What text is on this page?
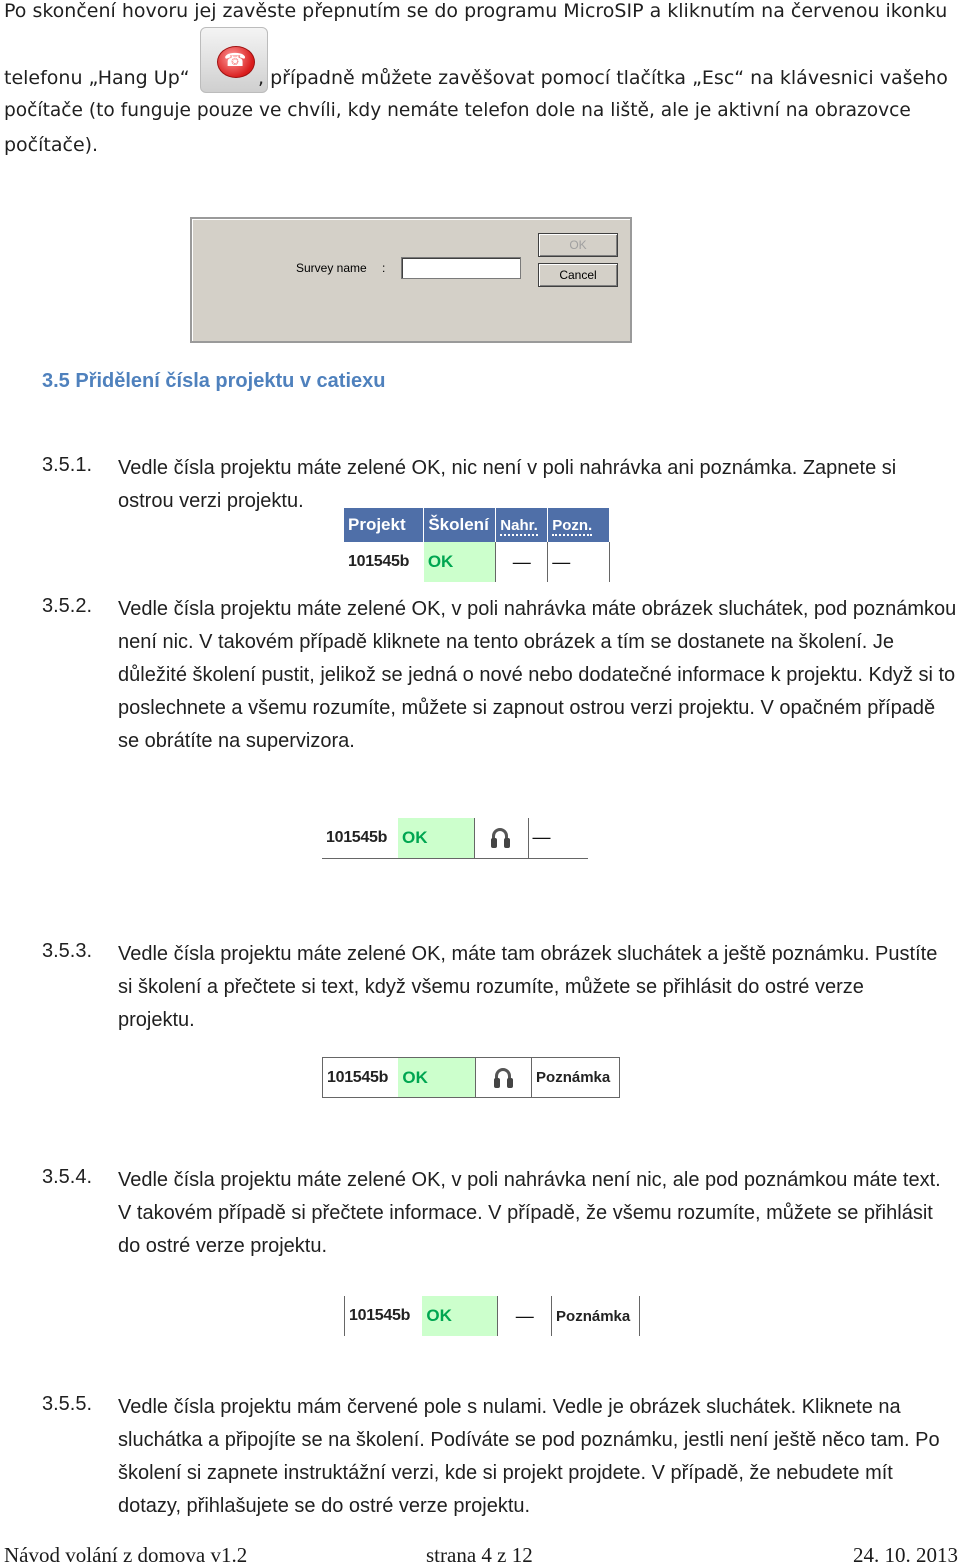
Po skončení hovoru jej zavěste přepnutím se do programu MicroSIP a kliknutím na červenou ikonku
telefonu „Hang Up“
☎
, případně můžete zavěšovat pomocí tlačítka „Esc“ na klávesnici vašeho
počítače (to funguje pouze ve chvíli, kdy nemáte telefon dole na liště, ale je aktivní na obrazovce
počítače).
Survey name :
OK
Cancel
3.5 Přidělení čísla projektu v catiexu
3.5.1. Vedle čísla projektu máte zelené OK, nic není v poli nahrávka ani poznámka. Zapnete si ostrou verzi projektu.
Projekt	Školení	Nahr.	Pozn.
101545b	OK	—	—
3.5.2. Vedle čísla projektu máte zelené OK, v poli nahrávka máte obrázek sluchátek, pod poznámkou není nic. V takovém případě kliknete na tento obrázek a tím se dostanete na školení. Je důležité školení pustit, jelikož se jedná o nové nebo dodatečné informace k projektu. Když si to poslechnete a všemu rozumíte, můžete si zapnout ostrou verzi projektu. V opačném případě se obrátíte na supervizora.
101545b	OK		—
3.5.3. Vedle čísla projektu máte zelené OK, máte tam obrázek sluchátek a ještě poznámku. Pustíte si školení a přečtete si text, když všemu rozumíte, můžete se přihlásit do ostré verze projektu.
101545b	OK		Poznámka
3.5.4. Vedle čísla projektu máte zelené OK, v poli nahrávka není nic, ale pod poznámkou máte text. V takovém případě si přečtete informace. V případě, že všemu rozumíte, můžete se přihlásit do ostré verze projektu.
101545b	OK	—	Poznámka
3.5.5. Vedle čísla projektu mám červené pole s nulami. Vedle je obrázek sluchátek. Kliknete na sluchátka a připojíte se na školení. Podíváte se pod poznámku, jestli není ještě něco tam. Po školení si zapnete instruktážní verzi, kde si projekt projdete. V případě, že nebudete mít dotazy, přihlašujete se do ostré verze projektu.
Návod volání z domova v1.2	strana 4 z 12	24. 10. 2013
